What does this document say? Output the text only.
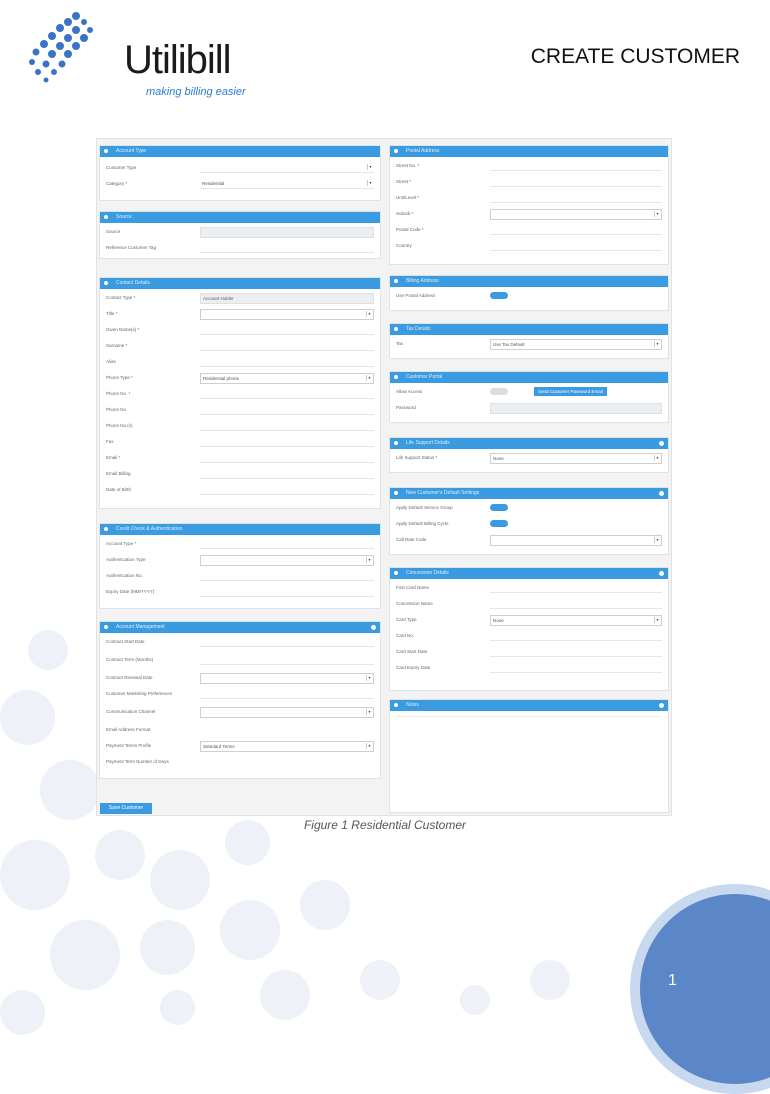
1
Utilibill
making billing easier
CREATE CUSTOMER
Account Type
Customer Type	▾
Category *	Residential	▾
Source
Source
Reference Customer Tag
Contact Details
Contact Type *	Account Holder
Title *	▾
Given Name(s) *
Surname *
Alias
Phone Type *	Residential phone	▾
Phone No. *
Phone No.
Phone No.(s)
Fax
Email *
Email Billing
Date of Birth
Credit Check & Authentication
Account Type *
Authentication Type	▾
Authentication No.
Expiry Date (MM/YYYY)
Account Management
Contract Start Date
Contract Term (Months)
Contract Renewal Date	▾
Customer Marketing Preferences
Communication Channel	▾
Email Address Format
Payment Terms Profile	Standard Terms	▾
Payment Term Number of Days
Postal Address
Street No. *
Street *
Unit/Level *
Suburb *	▾
Postal Code *
Country
Billing Address
Use Postal Address
Tax Details
Tax	Use Tax Default	▾
Customer Portal
Allow Access	Send Customer Password Email
Password
Life Support Details
Life Support Status *	None	▾
New Customer's Default Settings
Apply Default Service Group
Apply Default Billing Cycle
Call Rate Code	▾
Concession Details
First Card Name
Concession Name
Card Type	None	▾
Card No.
Card Start Date
Card Expiry Date
Notes
Save Customer
Figure 1 Residential Customer
